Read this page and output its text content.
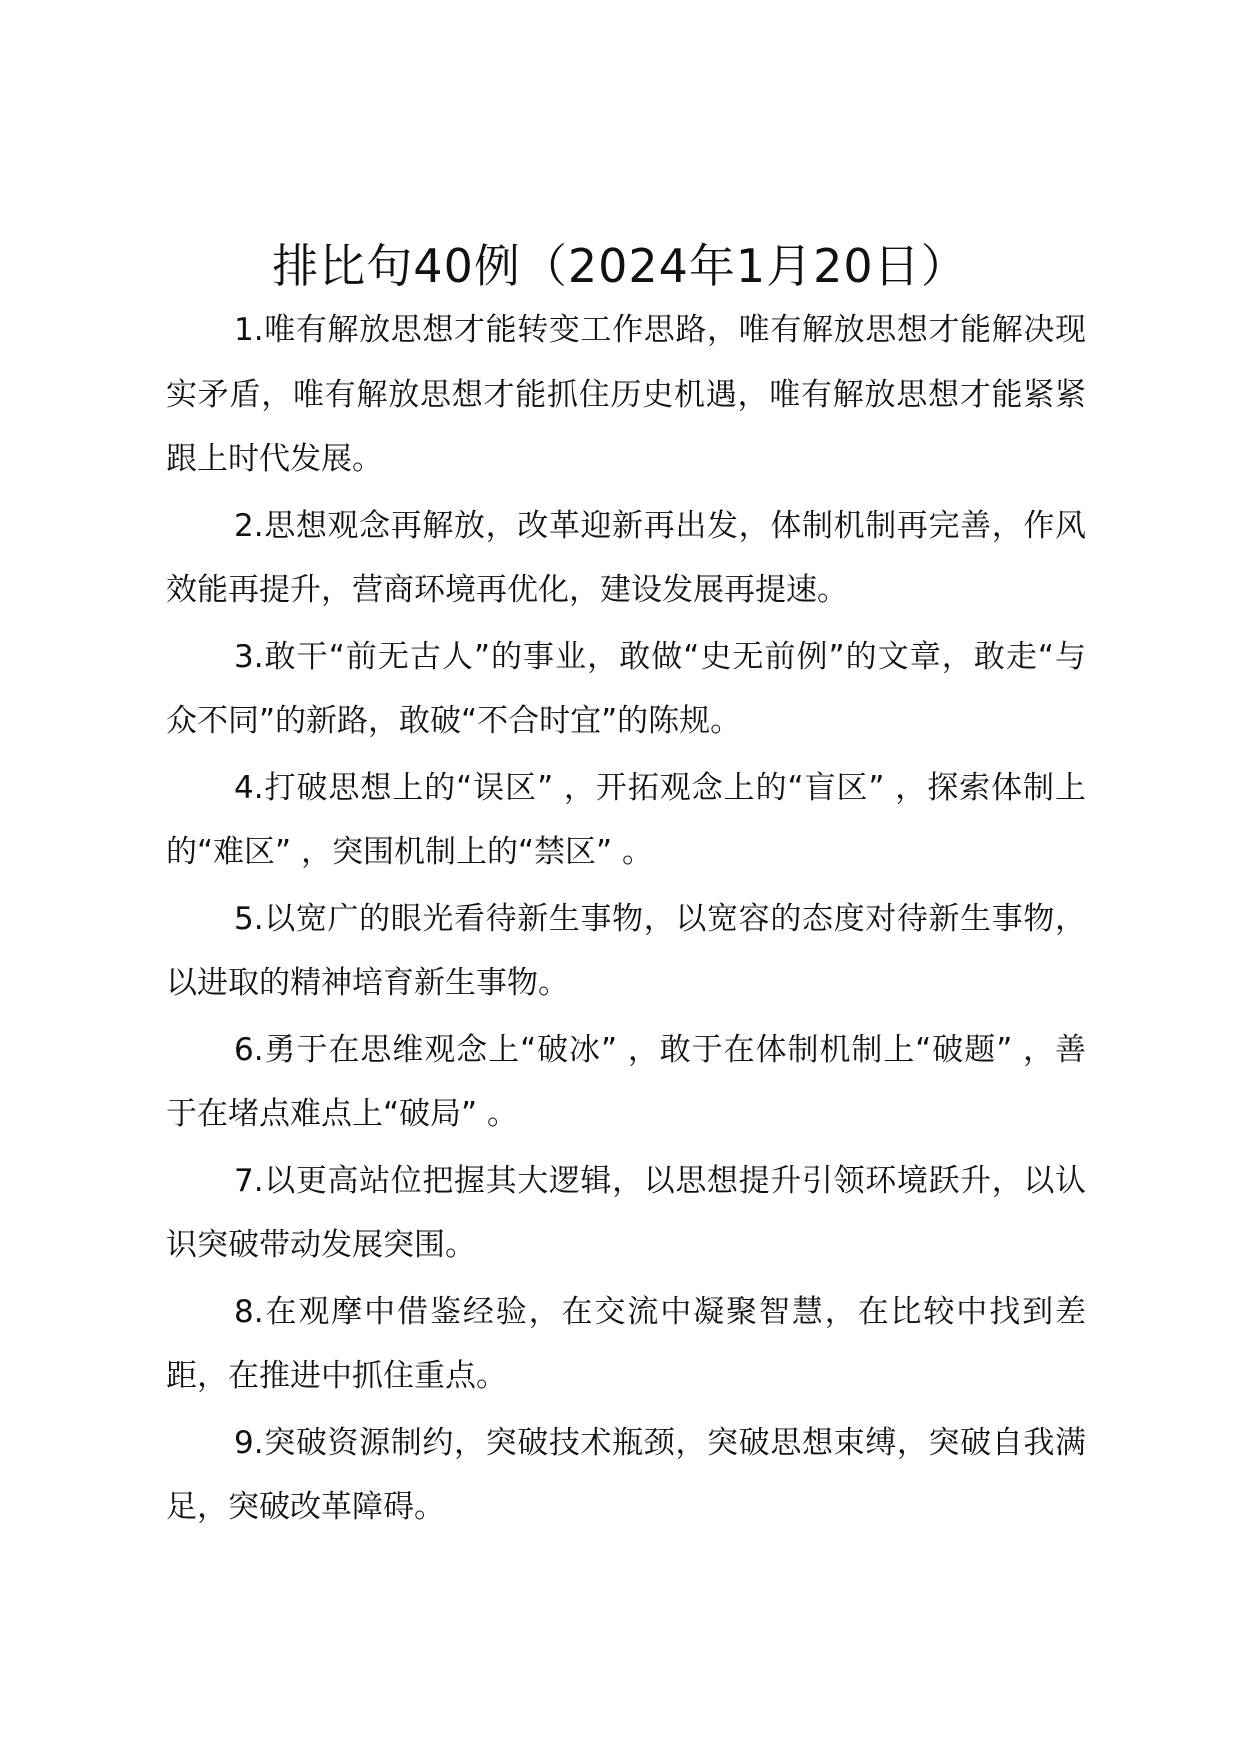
排比句40例（2024年1月20日）

1.唯有解放思想才能转变工作思路，唯有解放思想才能解决现实矛盾，唯有解放思想才能抓住历史机遇，唯有解放思想才能紧紧跟上时代发展。

2.思想观念再解放，改革迎新再出发，体制机制再完善，作风效能再提升，营商环境再优化，建设发展再提速。

3.敢干“前无古人”的事业，敢做“史无前例”的文章，敢走“与众不同”的新路，敢破“不合时宜”的陈规。

4.打破思想上的“误区” ，开拓观念上的“盲区” ，探索体制上的“难区” ，突围机制上的“禁区” 。

5.以宽广的眼光看待新生事物，以宽容的态度对待新生事物，以进取的精神培育新生事物。

6.勇于在思维观念上“破冰” ，敢于在体制机制上“破题” ，善于在堵点难点上“破局” 。

7.以更高站位把握其大逻辑，以思想提升引领环境跃升，以认识突破带动发展突围。

8.在观摩中借鉴经验，在交流中凝聚智慧，在比较中找到差距，在推进中抓住重点。

9.突破资源制约，突破技术瓶颈，突破思想束缚，突破自我满足，突破改革障碍。
